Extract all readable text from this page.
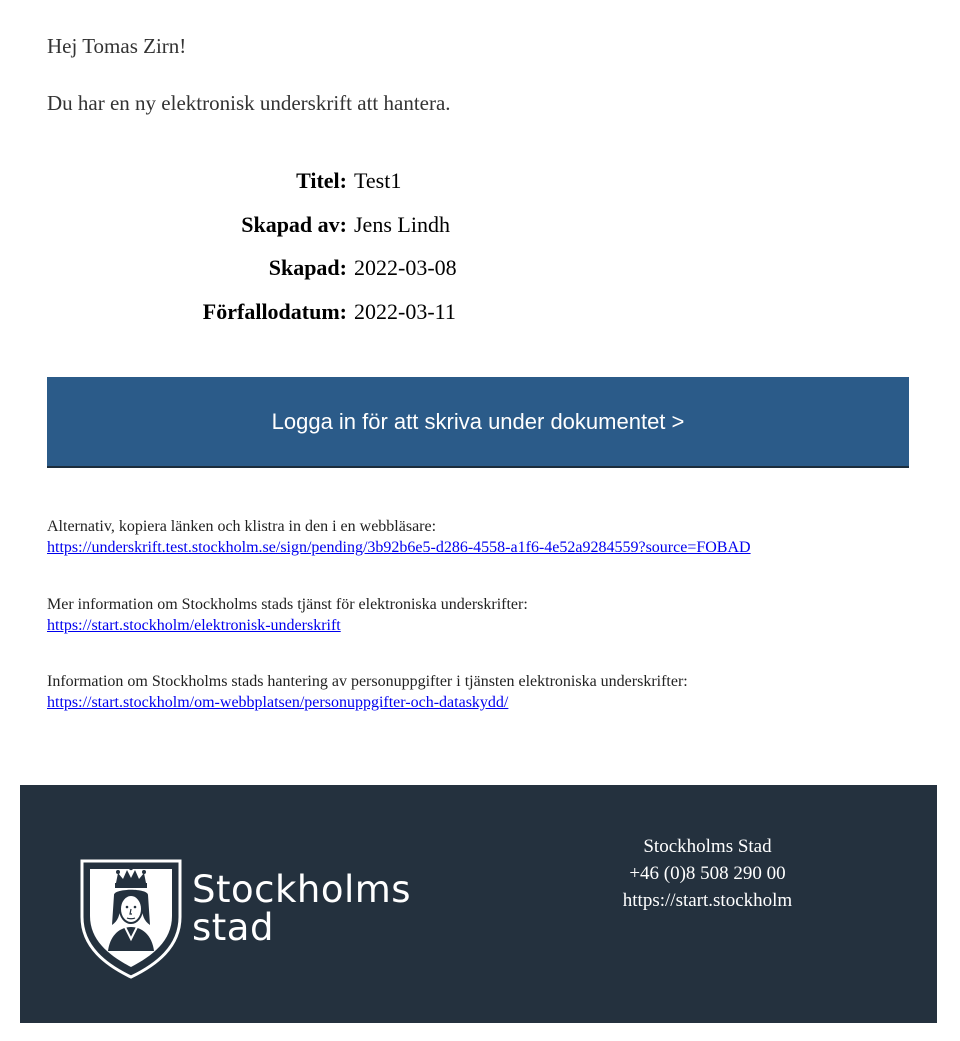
Hej Tomas Zirn!

Du har en ny elektronisk underskrift att hantera.

Titel: Test1
Skapad av: Jens Lindh
Skapad: 2022-03-08
Förfallodatum: 2022-03-11
Logga in för att skriva under dokumentet >
Alternativ, kopiera länken och klistra in den i en webbläsare:
https://underskrift.test.stockholm.se/sign/pending/3b92b6e5-d286-4558-a1f6-4e52a9284559?source=FOBAD
Mer information om Stockholms stads tjänst för elektroniska underskrifter:
https://start.stockholm/elektronisk-underskrift
Information om Stockholms stads hantering av personuppgifter i tjänsten elektroniska underskrifter:
https://start.stockholm/om-webbplatsen/personuppgifter-och-dataskydd/
Stockholms
stad
Stockholms Stad
+46 (0)8 508 290 00
https://start.stockholm
